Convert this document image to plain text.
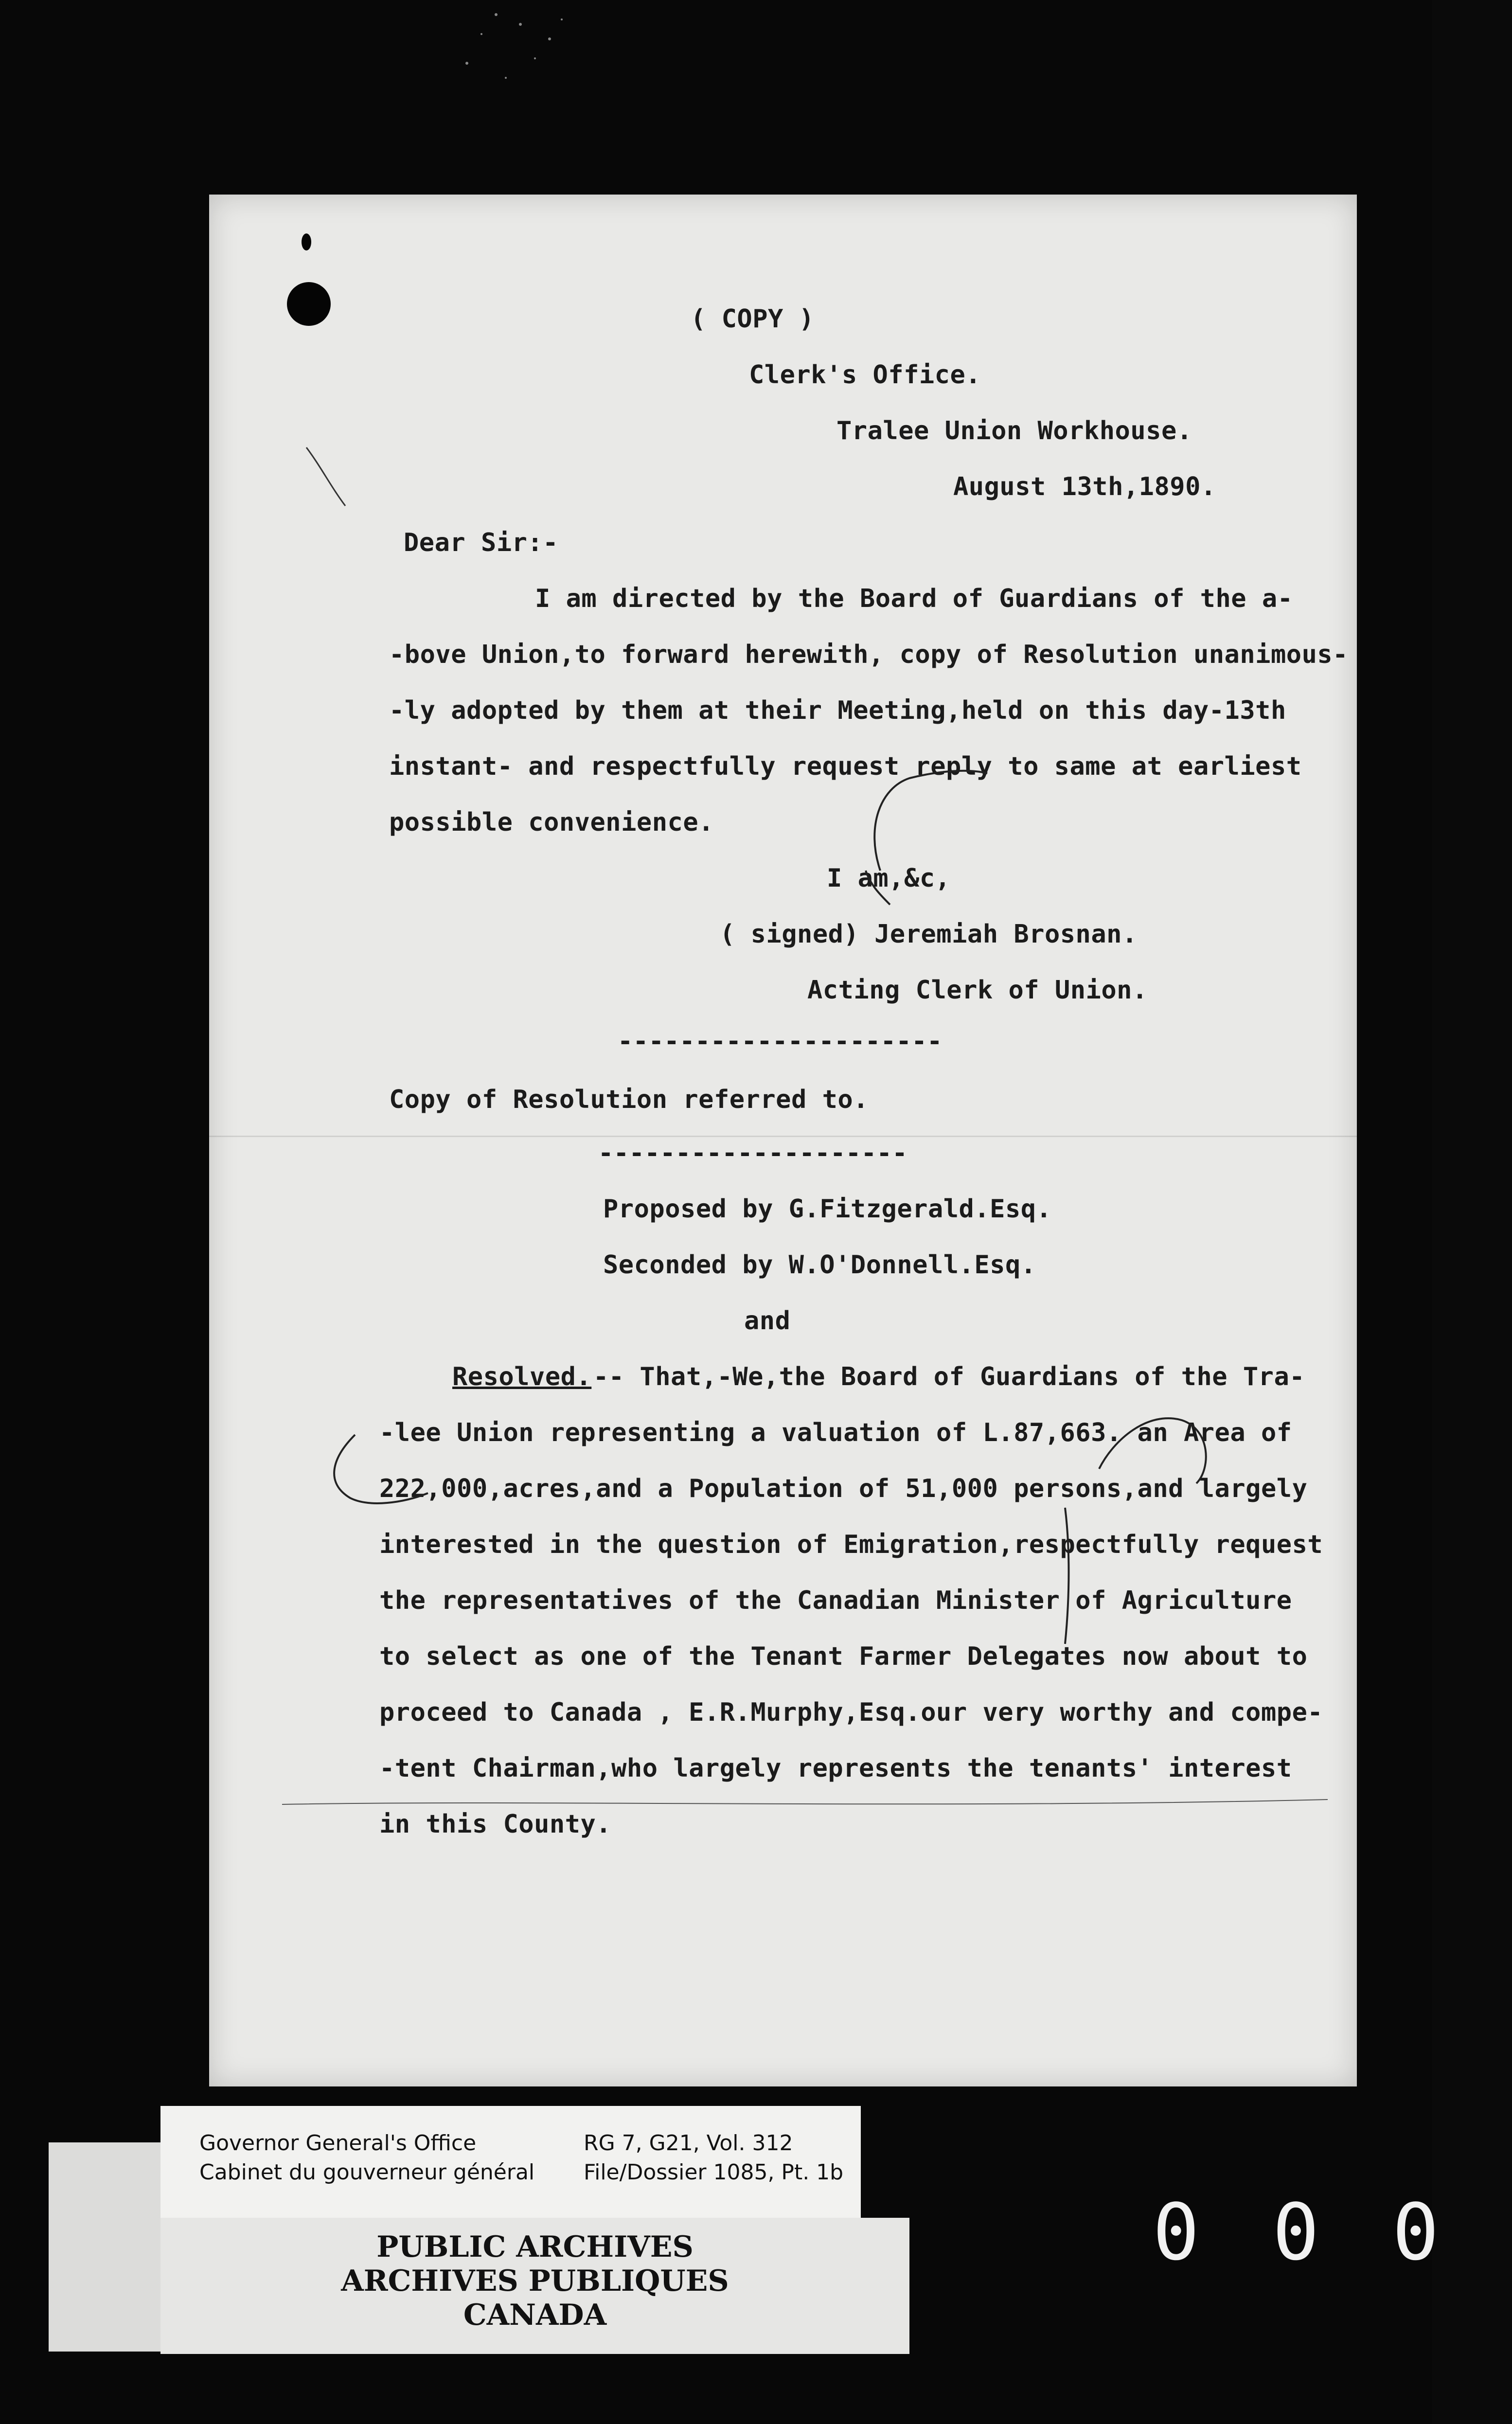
( COPY )
Clerk's Office.
Tralee Union Workhouse.
August 13th,1890.
Dear Sir:-
I am directed by the Board of Guardians of the a-
-bove Union,to forward herewith, copy of Resolution unanimous-
-ly adopted by them at their Meeting,held on this day-13th
instant- and respectfully request reply to same at earliest
possible convenience.
I am,&c,
( signed) Jeremiah Brosnan.
Acting Clerk of Union.
---------------------
Copy of Resolution referred to.
--------------------
Proposed by G.Fitzgerald.Esq.
Seconded by W.O'Donnell.Esq.
and
Resolved. -- That,-We,the Board of Guardians of the Tra-
-lee Union representing a valuation of L.87,663. an Area of
222,000,acres,and a Population of 51,000 persons,and largely
interested in the question of Emigration,respectfully request
the representatives of the Canadian Minister of Agriculture
to select as one of the Tenant Farmer Delegates now about to
proceed to Canada , E.R.Murphy,Esq.our very worthy and compe-
-tent Chairman,who largely represents the tenants' interest
in this County.
Governor General's Office
Cabinet du gouverneur général
RG 7, G21, Vol. 312
File/Dossier 1085, Pt. 1b
PUBLIC ARCHIVES
ARCHIVES PUBLIQUES
CANADA
000
